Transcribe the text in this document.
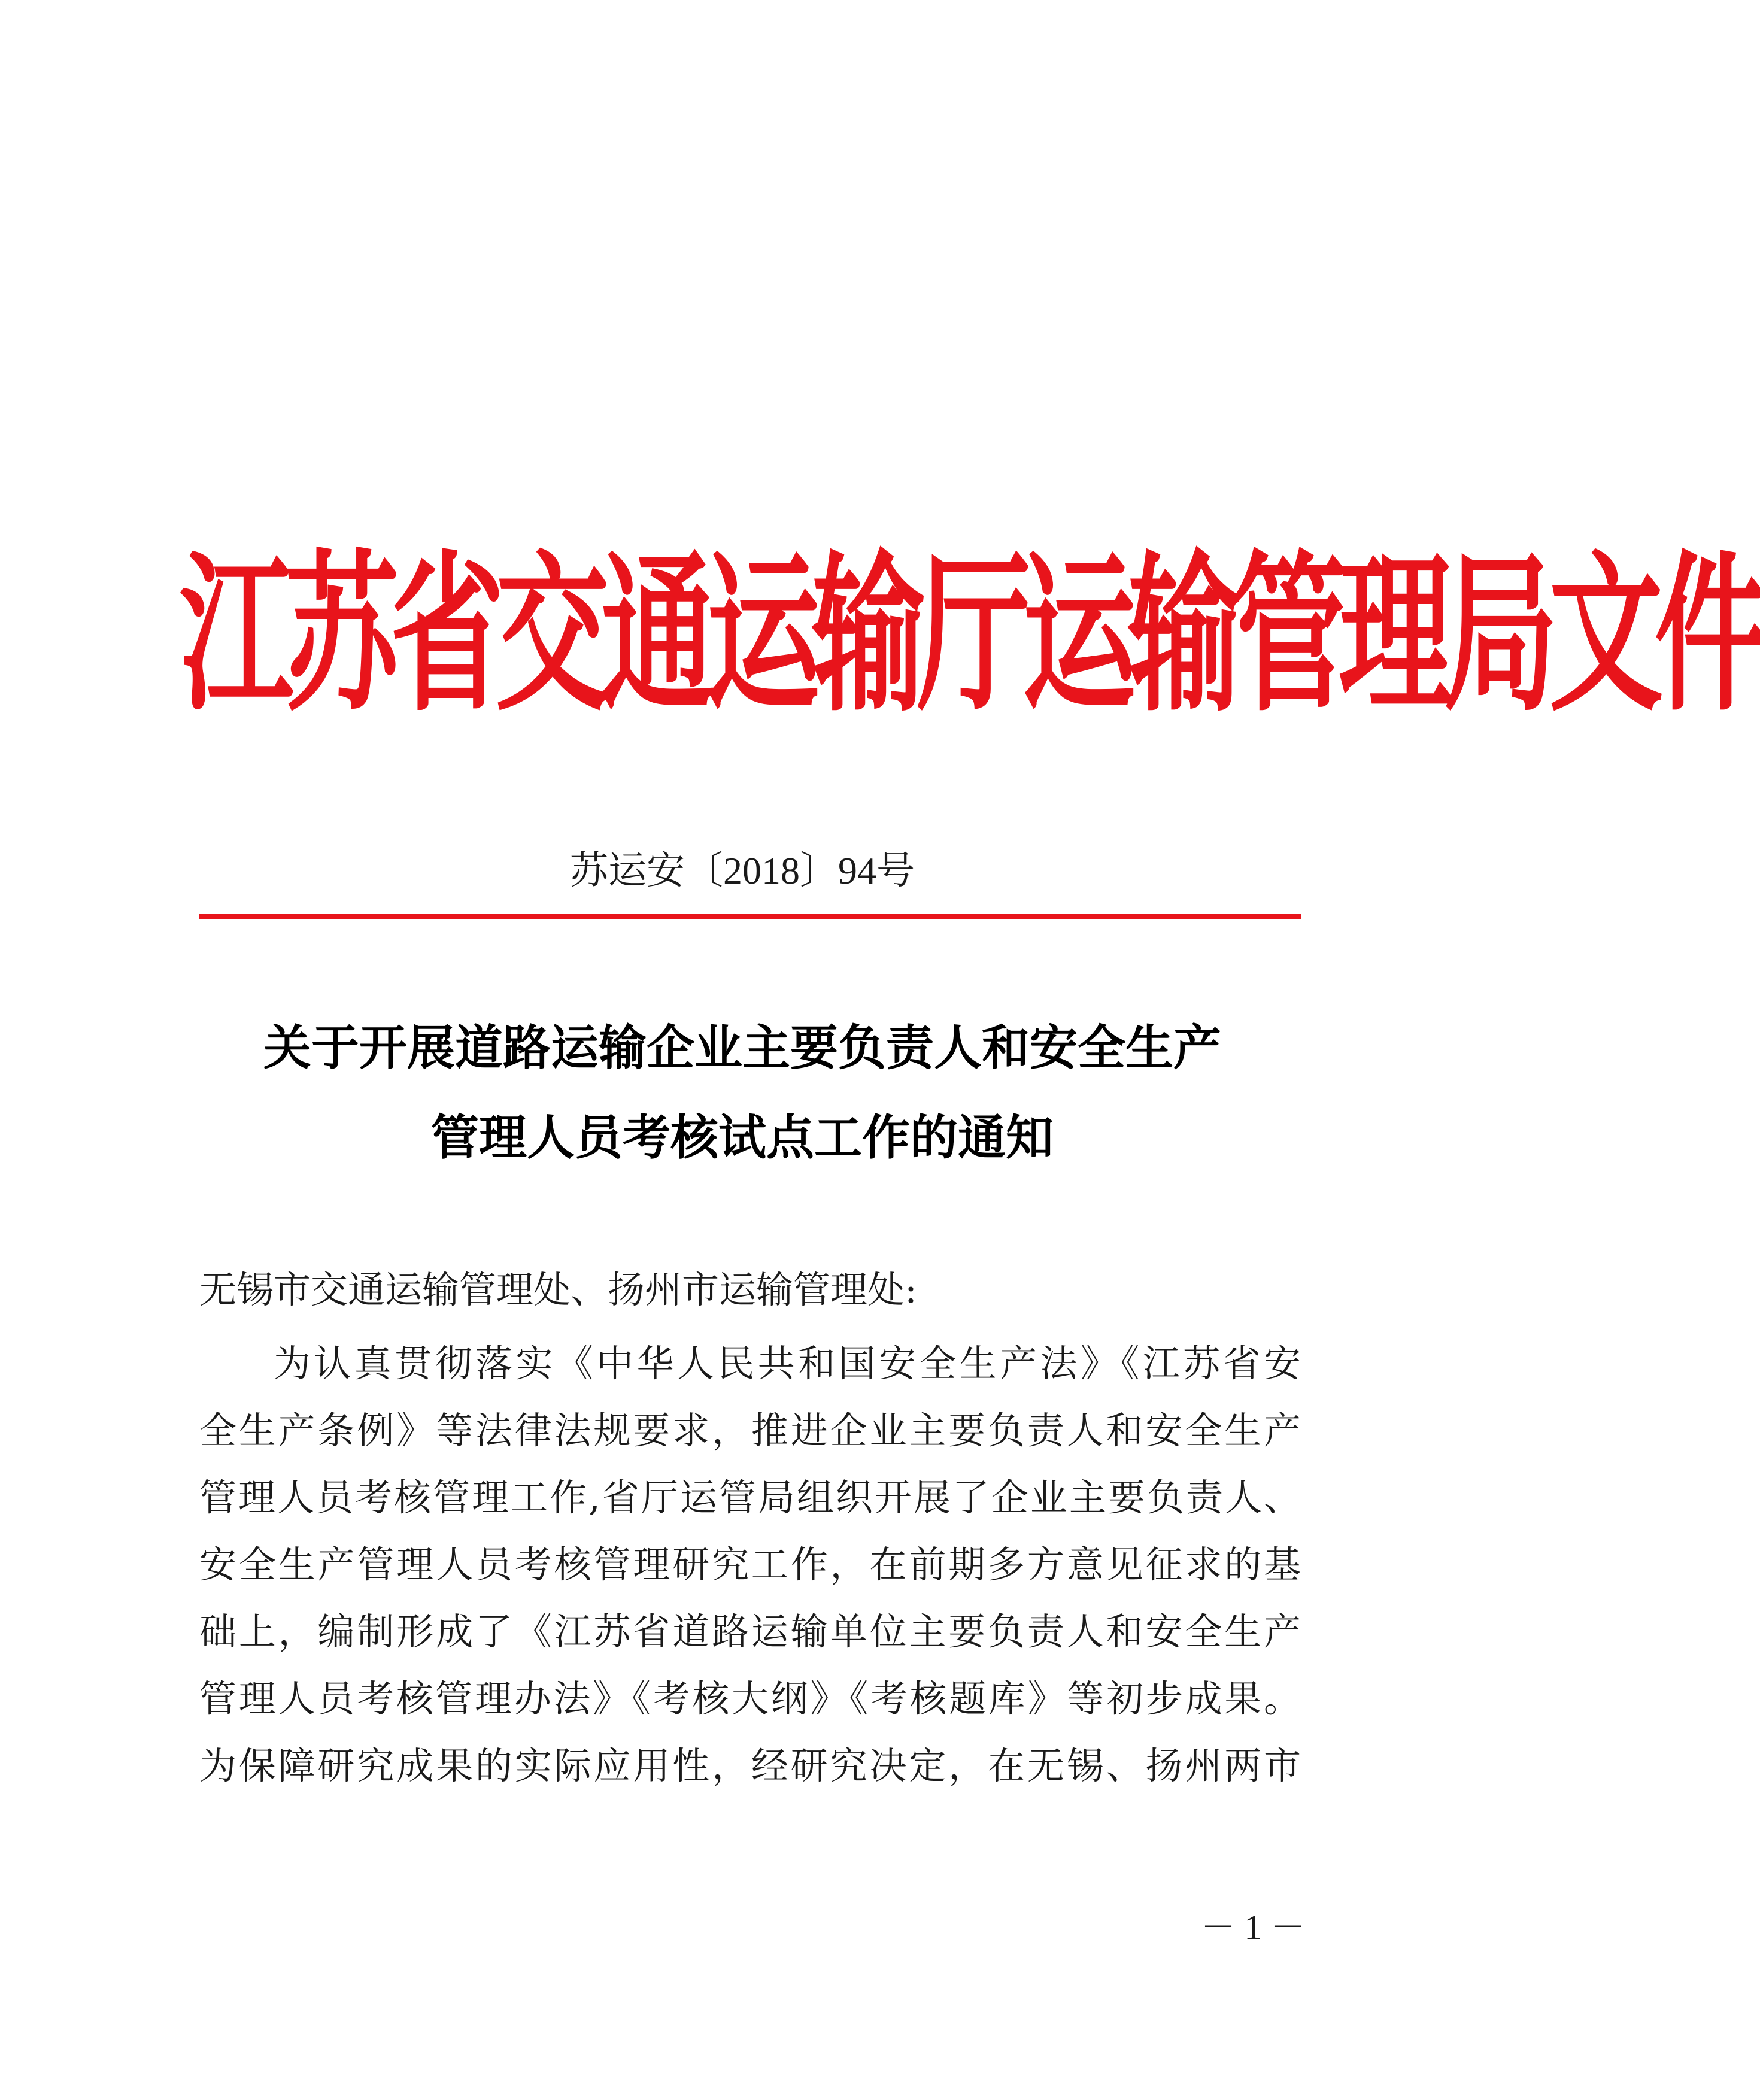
江苏省交通运输厅运输管理局文件
苏运安〔2018〕94号
关于开展道路运输企业主要负责人和安全生产
管理人员考核试点工作的通知
无锡市交通运输管理处、扬州市运输管理处:
为认真贯彻落实《中华人民共和国安全生产法》《江苏省安
全生产条例》等法律法规要求，推进企业主要负责人和安全生产
管理人员考核管理工作,省厅运管局组织开展了企业主要负责人、
安全生产管理人员考核管理研究工作，在前期多方意见征求的基
础上，编制形成了《江苏省道路运输单位主要负责人和安全生产
管理人员考核管理办法》《考核大纲》《考核题库》等初步成果。
为保障研究成果的实际应用性，经研究决定，在无锡、扬州两市
－ 1 －
